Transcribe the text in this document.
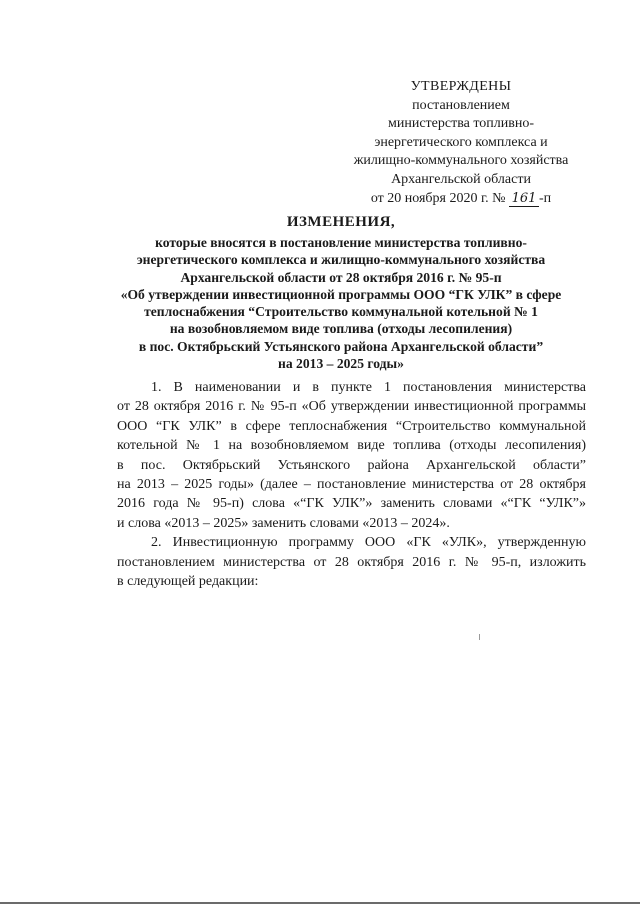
УТВЕРЖДЕНЫ
постановлением
министерства топливно-
энергетического комплекса и
жилищно-коммунального хозяйства
Архангельской области
от 20 ноября 2020 г. № 161 -п
ИЗМЕНЕНИЯ,
которые вносятся в постановление министерства топливно-
энергетического комплекса и жилищно-коммунального хозяйства
Архангельской области от 28 октября 2016 г. № 95-п
«Об утверждении инвестиционной программы ООО “ГК УЛК” в сфере
теплоснабжения “Строительство коммунальной котельной № 1
на возобновляемом виде топлива (отходы лесопиления)
в пос. Октябрьский Устьянского района Архангельской области”
на 2013 – 2025 годы»
1. В наименовании и в пункте 1 постановления министерства
от 28 октября 2016 г. № 95-п «Об утверждении инвестиционной программы
ООО “ГК УЛК” в сфере теплоснабжения “Строительство коммунальной
котельной № 1 на возобновляемом виде топлива (отходы лесопиления)
в пос. Октябрьский Устьянского района Архангельской области”
на 2013 – 2025 годы» (далее – постановление министерства от 28 октября
2016 года № 95-п) слова «“ГК УЛК”» заменить словами «“ГК “УЛК”»
и слова «2013 – 2025» заменить словами «2013 – 2024».
2. Инвестиционную программу ООО «ГК «УЛК», утвержденную
постановлением министерства от 28 октября 2016 г. № 95-п, изложить
в следующей редакции:
